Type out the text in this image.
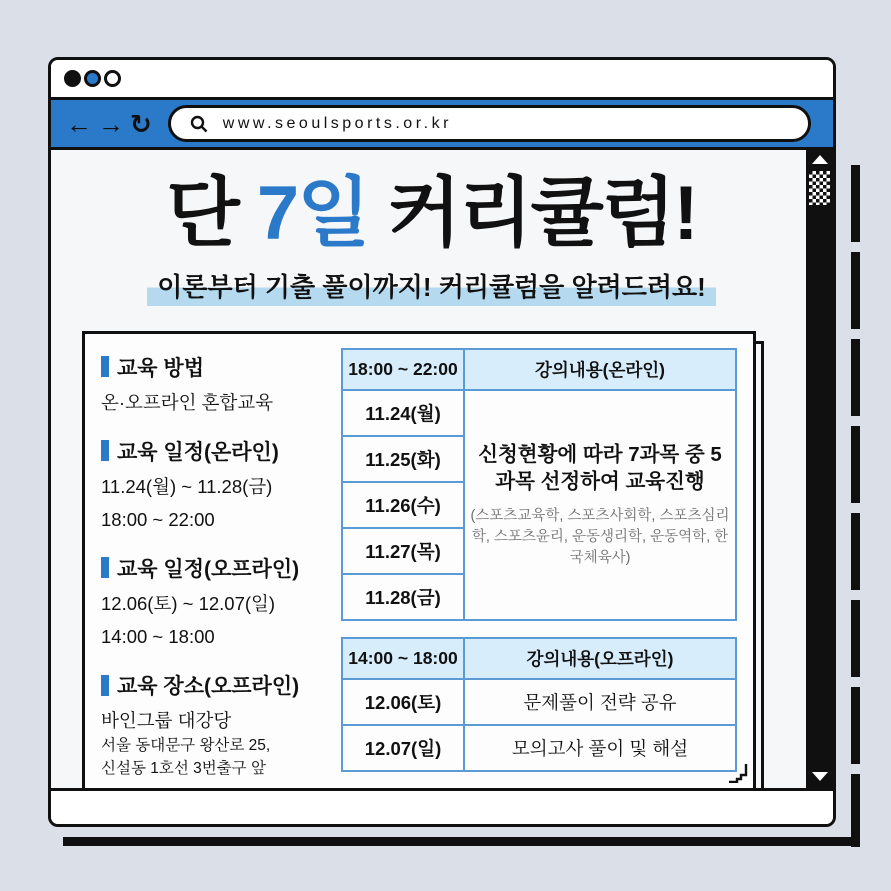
← → ↻	www.seoulsports.or.kr
단 7일 커리큘럼!
이론부터 기출 풀이까지! 커리큘럼을 알려드려요!
교육 방법
온·오프라인 혼합교육
교육 일정(온라인)
11.24(월) ~ 11.28(금)
18:00 ~ 22:00
교육 일정(오프라인)
12.06(토) ~ 12.07(일)
14:00 ~ 18:00
교육 장소(오프라인)
바인그룹 대강당
서울 동대문구 왕산로 25,
신설동 1호선 3번출구 앞
18:00 ~ 22:00	강의내용(온라인)
11.24(월)	신청현황에 따라 7과목 중 5과목 선정하여 교육진행
(스포츠교육학, 스포츠사회학, 스포츠심리학, 스포츠윤리, 운동생리학, 운동역학, 한국체육사)

11.25(화)	
11.26(수)	
11.27(목)	
11.28(금)	
14:00 ~ 18:00	강의내용(오프라인)
12.06(토)	문제풀이 전략 공유
12.07(일)	모의고사 풀이 및 해설
